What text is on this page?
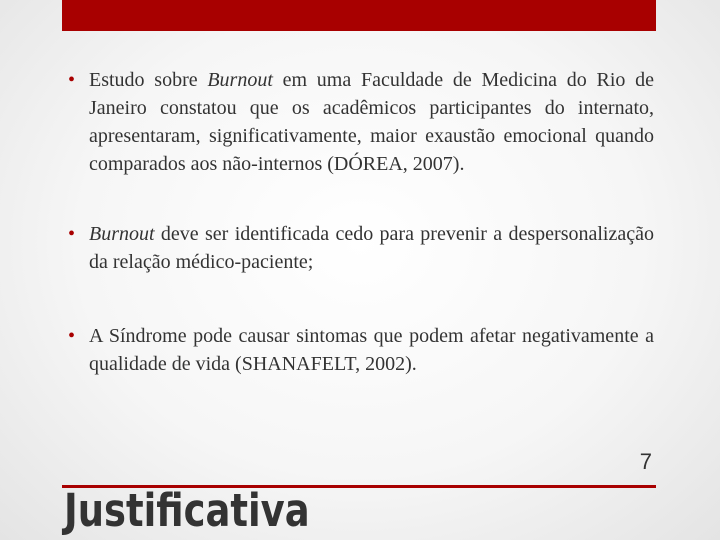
• Estudo sobre Burnout em uma Faculdade de Medicina do Rio de Janeiro constatou que os acadêmicos participantes do internato, apresentaram, significativamente, maior exaustão emocional quando comparados aos não-internos (DÓREA, 2007).

• Burnout deve ser identificada cedo para prevenir a despersonalização da relação médico-paciente;

• A Síndrome pode causar sintomas que podem afetar negativamente a qualidade de vida (SHANAFELT, 2002).

7
Justificativa
